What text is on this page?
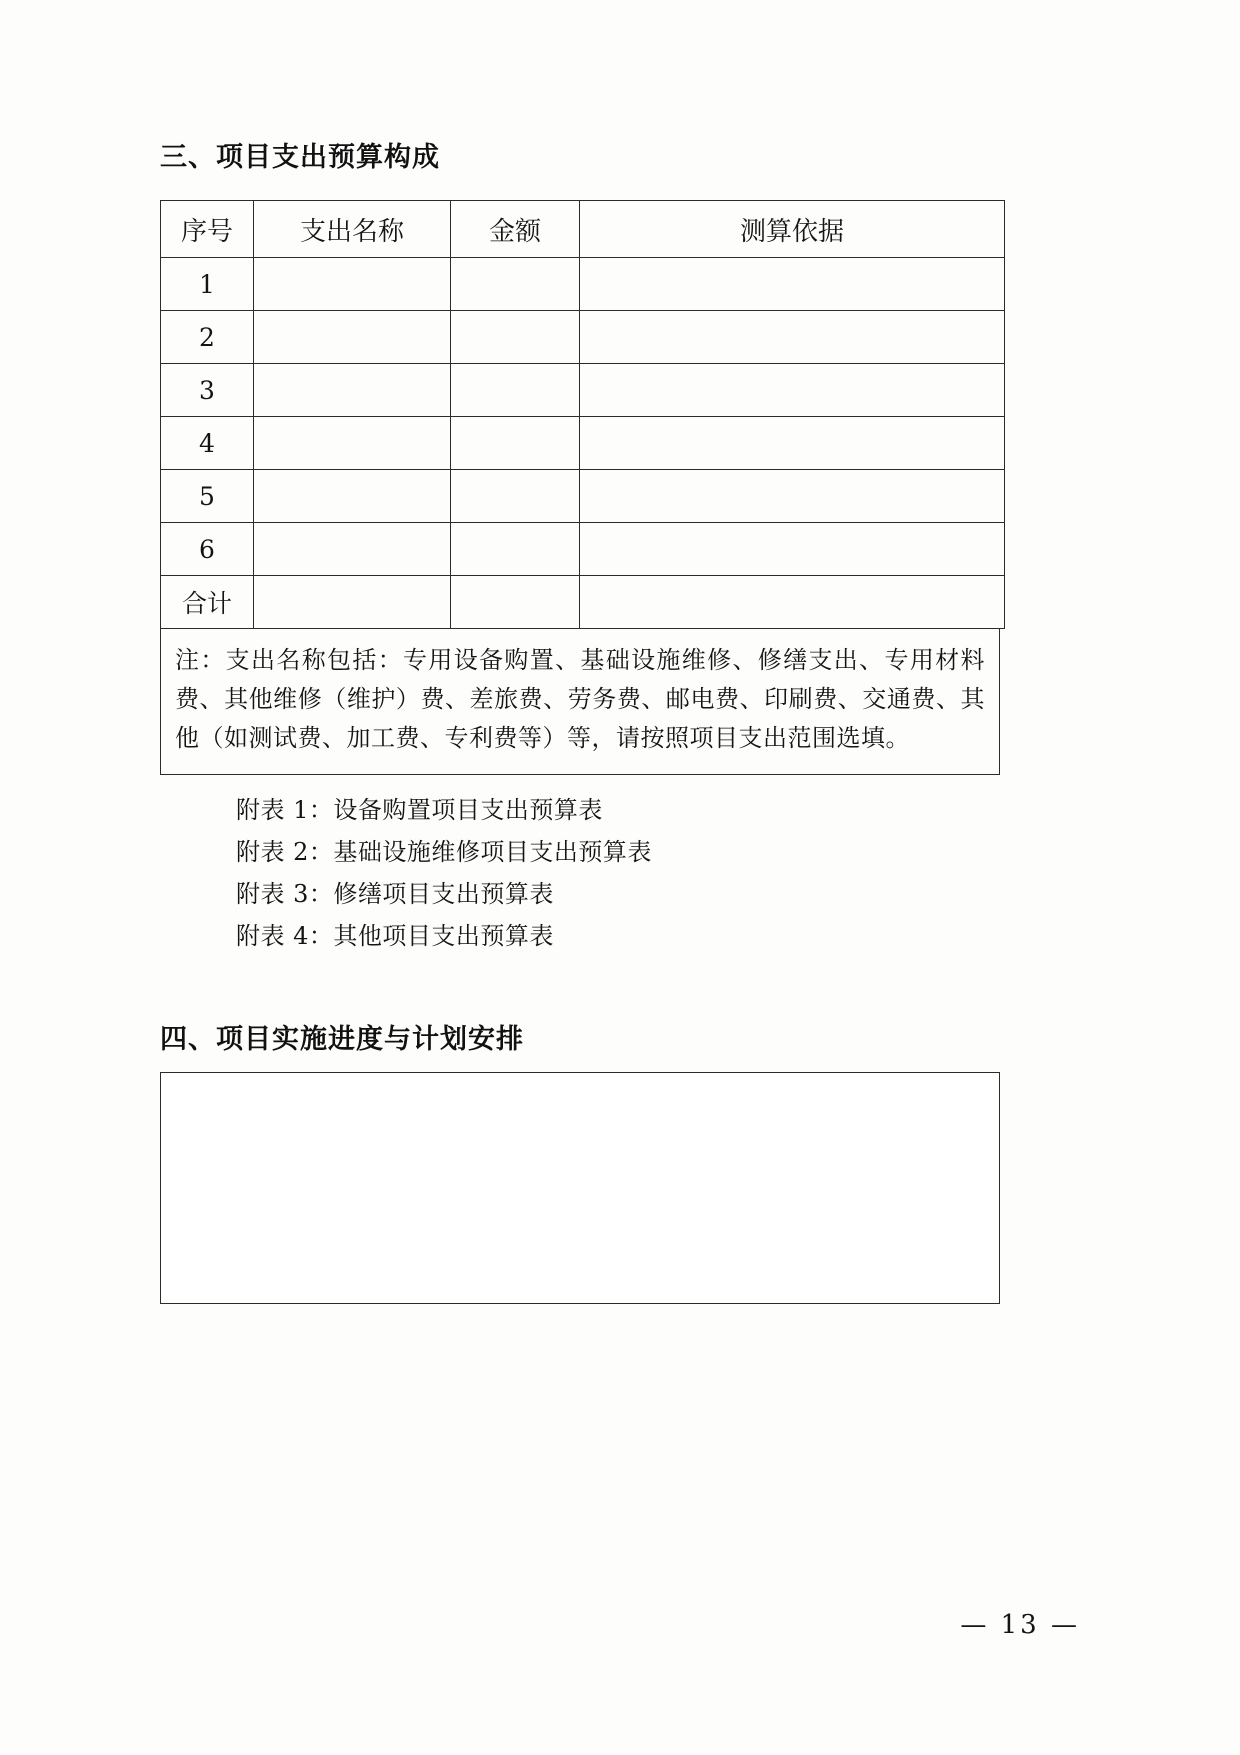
三、项目支出预算构成
序号	支出名称	金额	测算依据
1			
2			
3			
4			
5			
6			
合计			
注：支出名称包括：专用设备购置、基础设施维修、修缮支出、专用材料费、其他维修（维护）费、差旅费、劳务费、邮电费、印刷费、交通费、其他（如测试费、加工费、专利费等）等，请按照项目支出范围选填。
附表 1：设备购置项目支出预算表
附表 2：基础设施维修项目支出预算表
附表 3：修缮项目支出预算表
附表 4：其他项目支出预算表
四、项目实施进度与计划安排
— 13 —
